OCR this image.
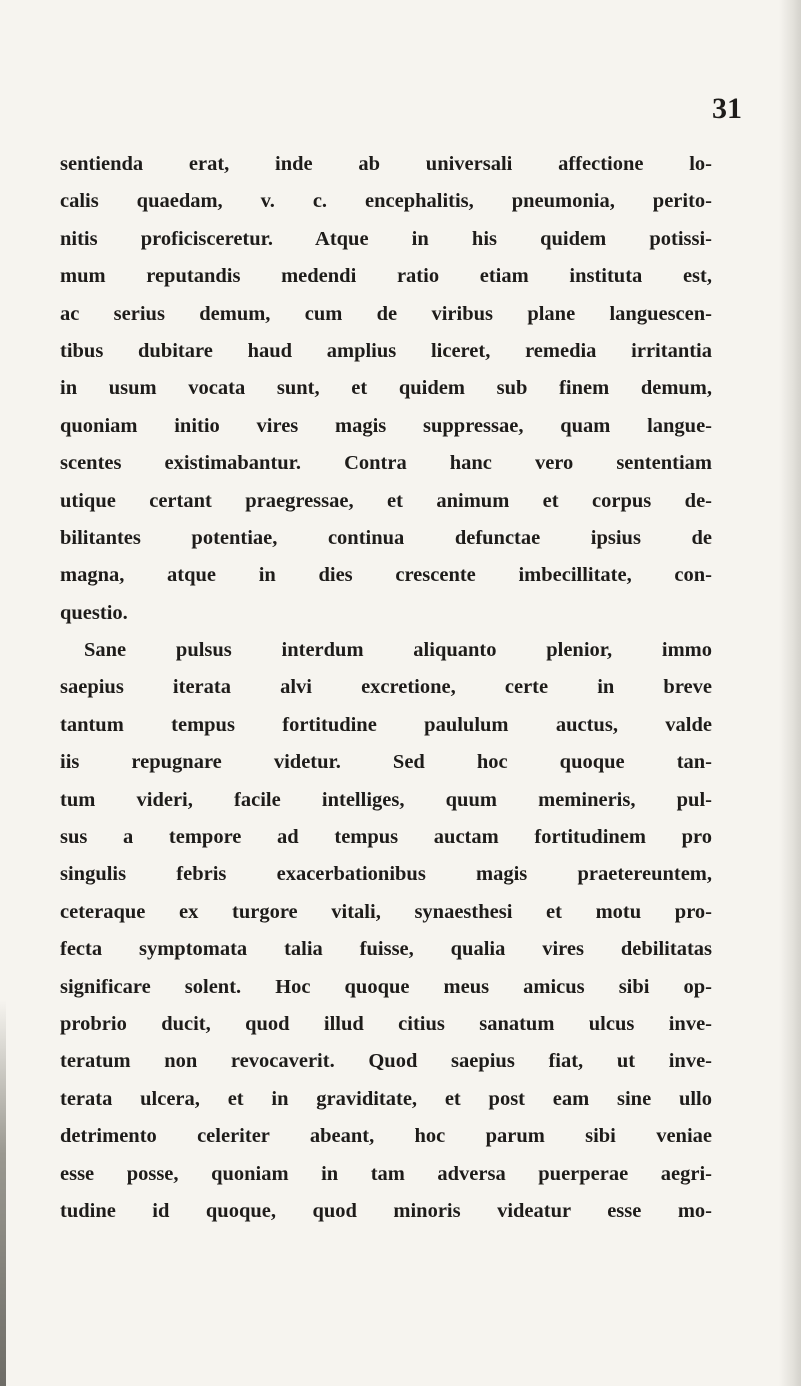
31
sentienda erat, inde ab universali affectione lo-
calis quaedam, v. c. encephalitis, pneumonia, perito-
nitis proficisceretur. Atque in his quidem potissi-
mum reputandis medendi ratio etiam instituta est,
ac serius demum, cum de viribus plane languescen-
tibus dubitare haud amplius liceret, remedia irritantia
in usum vocata sunt, et quidem sub finem demum,
quoniam initio vires magis suppressae, quam langue-
scentes existimabantur. Contra hanc vero sententiam
utique certant praegressae, et animum et corpus de-
bilitantes potentiae, continua defunctae ipsius de
magna, atque in dies crescente imbecillitate, con-
questio.
Sane pulsus interdum aliquanto plenior, immo
saepius iterata alvi excretione, certe in breve
tantum tempus fortitudine paululum auctus, valde
iis repugnare videtur. Sed hoc quoque tan-
tum videri, facile intelliges, quum memineris, pul-
sus a tempore ad tempus auctam fortitudinem pro
singulis febris exacerbationibus magis praetereuntem,
ceteraque ex turgore vitali, synaesthesi et motu pro-
fecta symptomata talia fuisse, qualia vires debilitatas
significare solent. Hoc quoque meus amicus sibi op-
probrio ducit, quod illud citius sanatum ulcus inve-
teratum non revocaverit. Quod saepius fiat, ut inve-
terata ulcera, et in graviditate, et post eam sine ullo
detrimento celeriter abeant, hoc parum sibi veniae
esse posse, quoniam in tam adversa puerperae aegri-
tudine id quoque, quod minoris videatur esse mo-
